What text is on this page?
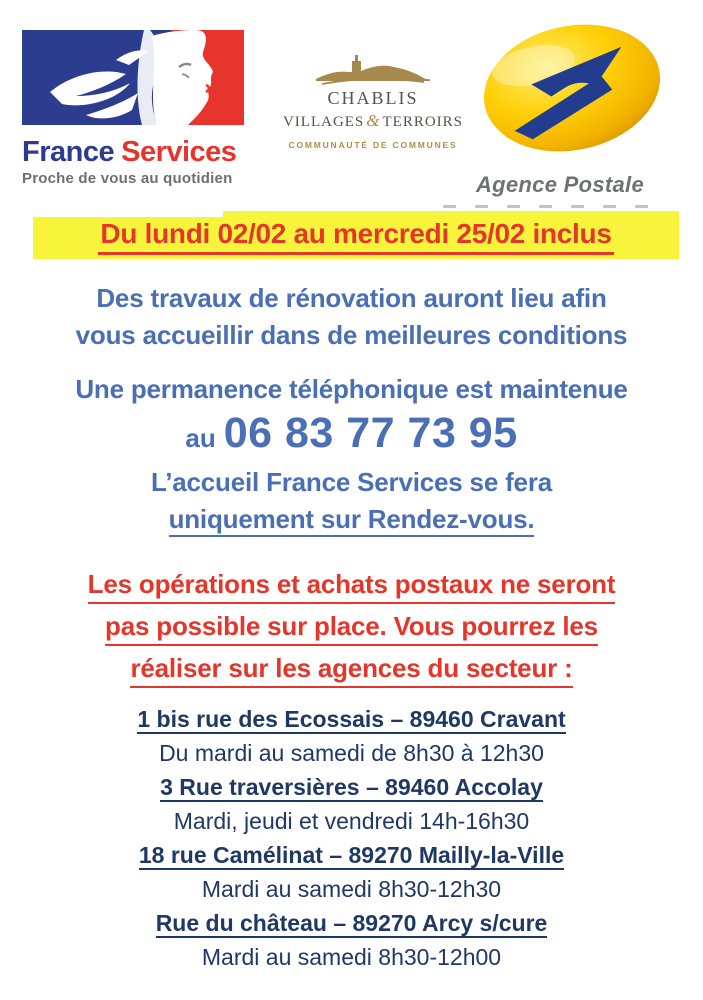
France Services
Proche de vous au quotidien
CHABLIS
VILLAGES & TERROIRS
COMMUNAUTÉ DE COMMUNES
Agence Postale
Du lundi 02/02 au mercredi 25/02 inclus
Des travaux de rénovation auront lieu afin
vous accueillir dans de meilleures conditions
Une permanence téléphonique est maintenue
au 06 83 77 73 95
L’accueil France Services se fera
uniquement sur Rendez-vous.
Les opérations et achats postaux ne seront
pas possible sur place. Vous pourrez les
réaliser sur les agences du secteur :
1 bis rue des Ecossais – 89460 Cravant
Du mardi au samedi de 8h30 à 12h30
3 Rue traversières – 89460 Accolay
Mardi, jeudi et vendredi 14h-16h30
18 rue Camélinat – 89270 Mailly-la-Ville
Mardi au samedi 8h30-12h30
Rue du château – 89270 Arcy s/cure
Mardi au samedi 8h30-12h00
